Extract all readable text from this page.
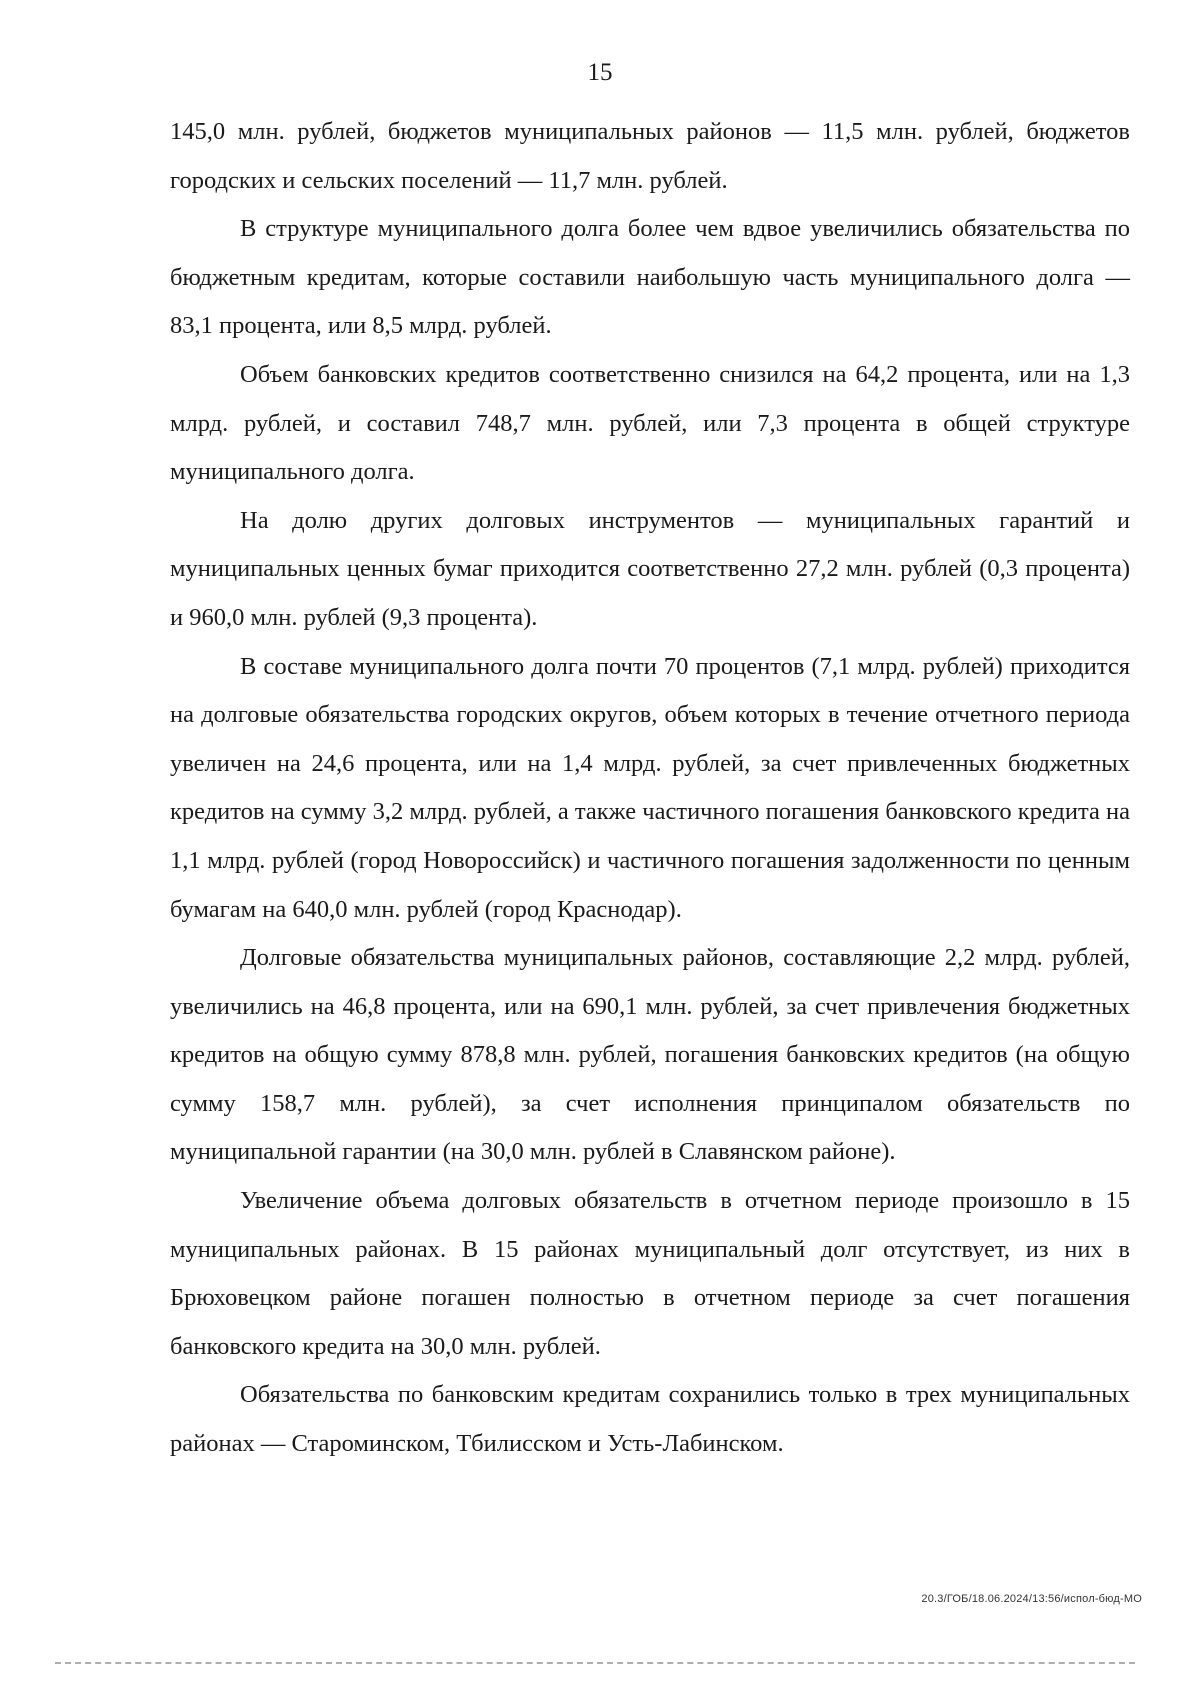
15

145,0 млн. рублей, бюджетов муниципальных районов — 11,5 млн. рублей, бюджетов городских и сельских поселений — 11,7 млн. рублей.

В структуре муниципального долга более чем вдвое увеличились обязательства по бюджетным кредитам, которые составили наибольшую часть муниципального долга — 83,1 процента, или 8,5 млрд. рублей.

Объем банковских кредитов соответственно снизился на 64,2 процента, или на 1,3 млрд. рублей, и составил 748,7 млн. рублей, или 7,3 процента в общей структуре муниципального долга.

На долю других долговых инструментов — муниципальных гарантий и муниципальных ценных бумаг приходится соответственно 27,2 млн. рублей (0,3 процента) и 960,0 млн. рублей (9,3 процента).

В составе муниципального долга почти 70 процентов (7,1 млрд. рублей) приходится на долговые обязательства городских округов, объем которых в течение отчетного периода увеличен на 24,6 процента, или на 1,4 млрд. рублей, за счет привлеченных бюджетных кредитов на сумму 3,2 млрд. рублей, а также частичного погашения банковского кредита на 1,1 млрд. рублей (город Новороссийск) и частичного погашения задолженности по ценным бумагам на 640,0 млн. рублей (город Краснодар).

Долговые обязательства муниципальных районов, составляющие 2,2 млрд. рублей, увеличились на 46,8 процента, или на 690,1 млн. рублей, за счет привлечения бюджетных кредитов на общую сумму 878,8 млн. рублей, погашения банковских кредитов (на общую сумму 158,7 млн. рублей), за счет исполнения принципалом обязательств по муниципальной гарантии (на 30,0 млн. рублей в Славянском районе).

Увеличение объема долговых обязательств в отчетном периоде произошло в 15 муниципальных районах. В 15 районах муниципальный долг отсутствует, из них в Брюховецком районе погашен полностью в отчетном периоде за счет погашения банковского кредита на 30,0 млн. рублей.

Обязательства по банковским кредитам сохранились только в трех муниципальных районах — Староминском, Тбилисском и Усть-Лабинском.

20.3/ГОБ/18.06.2024/13:56/испол-бюд-МО
